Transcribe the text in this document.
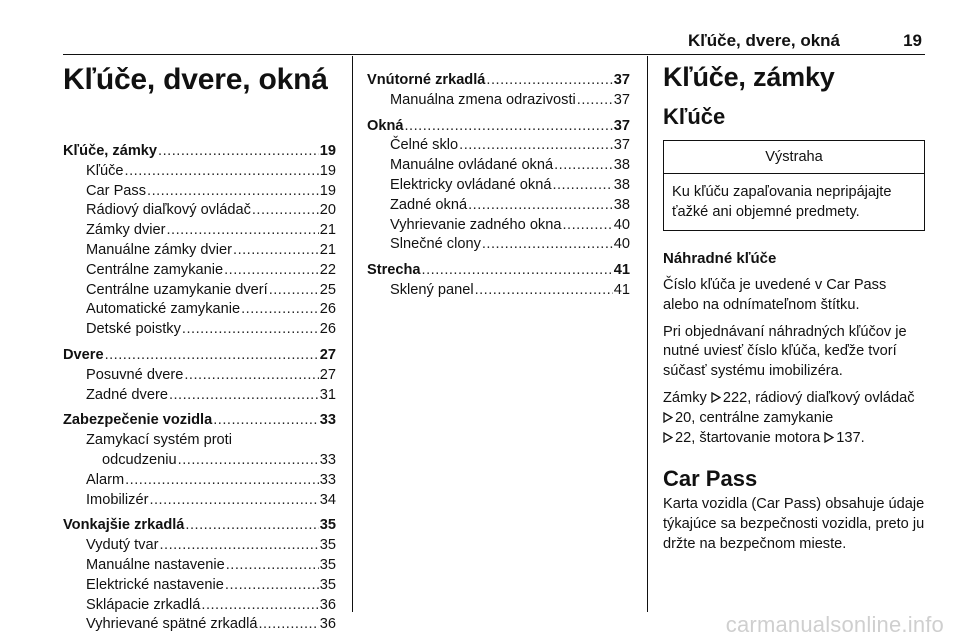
Kľúče, dvere, okná	19
Kľúče, dvere, okná
Kľúče, zámky .....	19
Kľúče .....	19
Car Pass .....	19
Rádiový diaľkový ovládač .....	20
Zámky dvier .....	21
Manuálne zámky dvier .....	21
Centrálne zamykanie .....	22
Centrálne uzamykanie dverí .....	25
Automatické zamykanie .....	26
Detské poistky .....	26
Dvere .....	27
Posuvné dvere .....	27
Zadné dvere .....	31
Zabezpečenie vozidla .....	33
Zamykací systém proti
odcudzeniu .....	33
Alarm .....	33
Imobilizér .....	34
Vonkajšie zrkadlá .....	35
Vydutý tvar .....	35
Manuálne nastavenie .....	35
Elektrické nastavenie .....	35
Sklápacie zrkadlá .....	36
Vyhrievané spätné zrkadlá .....	36
Vnútorné zrkadlá .....	37
Manuálna zmena odrazivosti .....	37
Okná .....	37
Čelné sklo .....	37
Manuálne ovládané okná .....	38
Elektricky ovládané okná .....	38
Zadné okná .....	38
Vyhrievanie zadného okna .....	40
Slnečné clony .....	40
Strecha .....	41
Sklený panel .....	41
Kľúče, zámky
Kľúče
Výstraha
Ku kľúču zapaľovania nepripájajte ťažké ani objemné predmety.
Náhradné kľúče

Číslo kľúča je uvedené v Car Pass alebo na odnímateľnom štítku.

Pri objednávaní náhradných kľúčov je nutné uviesť číslo kľúča, keďže tvorí súčasť systému imobilizéra.

Zámky 222, rádiový diaľkový ovládač 20, centrálne zamykanie
22, štartovanie motora 137.

Car Pass

Karta vozidla (Car Pass) obsahuje údaje týkajúce sa bezpečnosti vozidla, preto ju držte na bezpečnom mieste.

carmanualsonline.info
